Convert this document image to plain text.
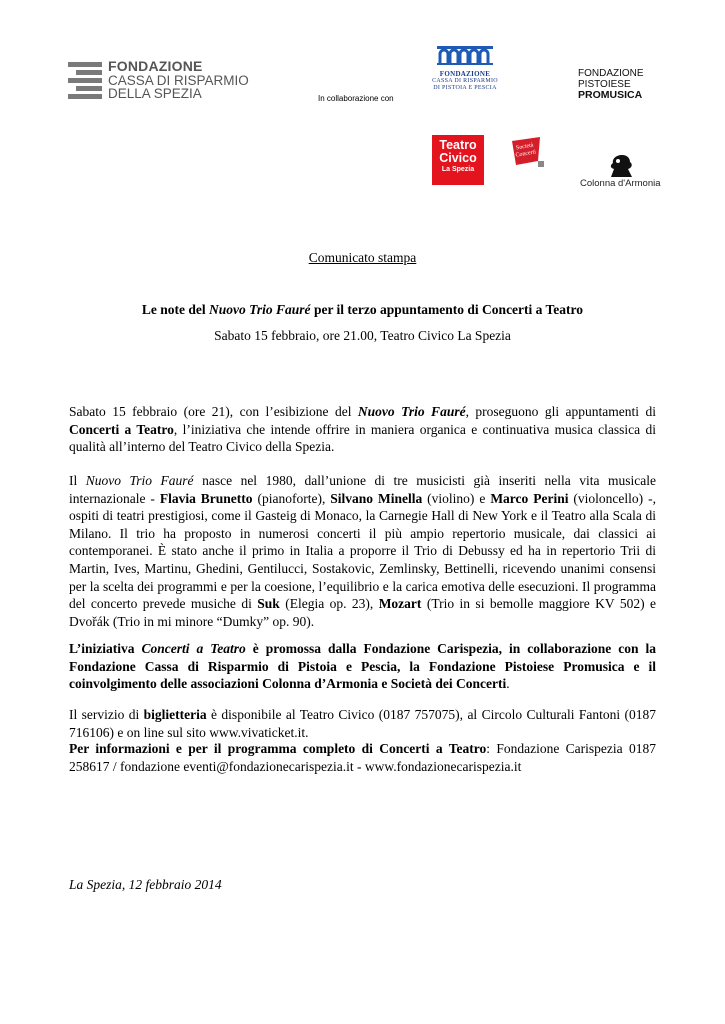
FONDAZIONE
CASSA DI RISPARMIO
DELLA SPEZIA	In collaborazione con
FONDAZIONE
CASSA DI RISPARMIO
DI PISTOIA E PESCIA
FONDAZIONE
PISTOIESE
PROMUSICA
Teatro
Civico
La Spezia
Società
Concerti
Colonna d'Armonia
Comunicato stampa
Le note del Nuovo Trio Fauré per il terzo appuntamento di Concerti a Teatro
Sabato 15 febbraio, ore 21.00, Teatro Civico La Spezia
Sabato 15 febbraio (ore 21), con l’esibizione del Nuovo Trio Fauré, proseguono gli appuntamenti di Concerti a Teatro, l’iniziativa che intende offrire in maniera organica e continuativa musica classica di qualità all’interno del Teatro Civico della Spezia.
Il Nuovo Trio Fauré nasce nel 1980, dall’unione di tre musicisti già inseriti nella vita musicale internazionale - Flavia Brunetto (pianoforte), Silvano Minella (violino) e Marco Perini (violoncello) -, ospiti di teatri prestigiosi, come il Gasteig di Monaco, la Carnegie Hall di New York e il Teatro alla Scala di Milano. Il trio ha proposto in numerosi concerti il più ampio repertorio musicale, dai classici ai contemporanei. È stato anche il primo in Italia a proporre il Trio di Debussy ed ha in repertorio Trii di Martin, Ives, Martinu, Ghedini, Gentilucci, Sostakovic, Zemlinsky, Bettinelli, ricevendo unanimi consensi per la scelta dei programmi e per la coesione, l’equilibrio e la carica emotiva delle esecuzioni. Il programma del concerto prevede musiche di Suk (Elegia op. 23), Mozart (Trio in si bemolle maggiore KV 502) e Dvořák (Trio in mi minore “Dumky” op. 90).
L’iniziativa Concerti a Teatro è promossa dalla Fondazione Carispezia, in collaborazione con la Fondazione Cassa di Risparmio di Pistoia e Pescia, la Fondazione Pistoiese Promusica e il coinvolgimento delle associazioni Colonna d’Armonia e Società dei Concerti.
Il servizio di biglietteria è disponibile al Teatro Civico (0187 757075), al Circolo Culturali Fantoni (0187 716106) e on line sul sito www.vivaticket.it.
Per informazioni e per il programma completo di Concerti a Teatro: Fondazione Carispezia 0187 258617 / fondazione eventi@fondazionecarispezia.it - www.fondazionecarispezia.it
La Spezia, 12 febbraio 2014
